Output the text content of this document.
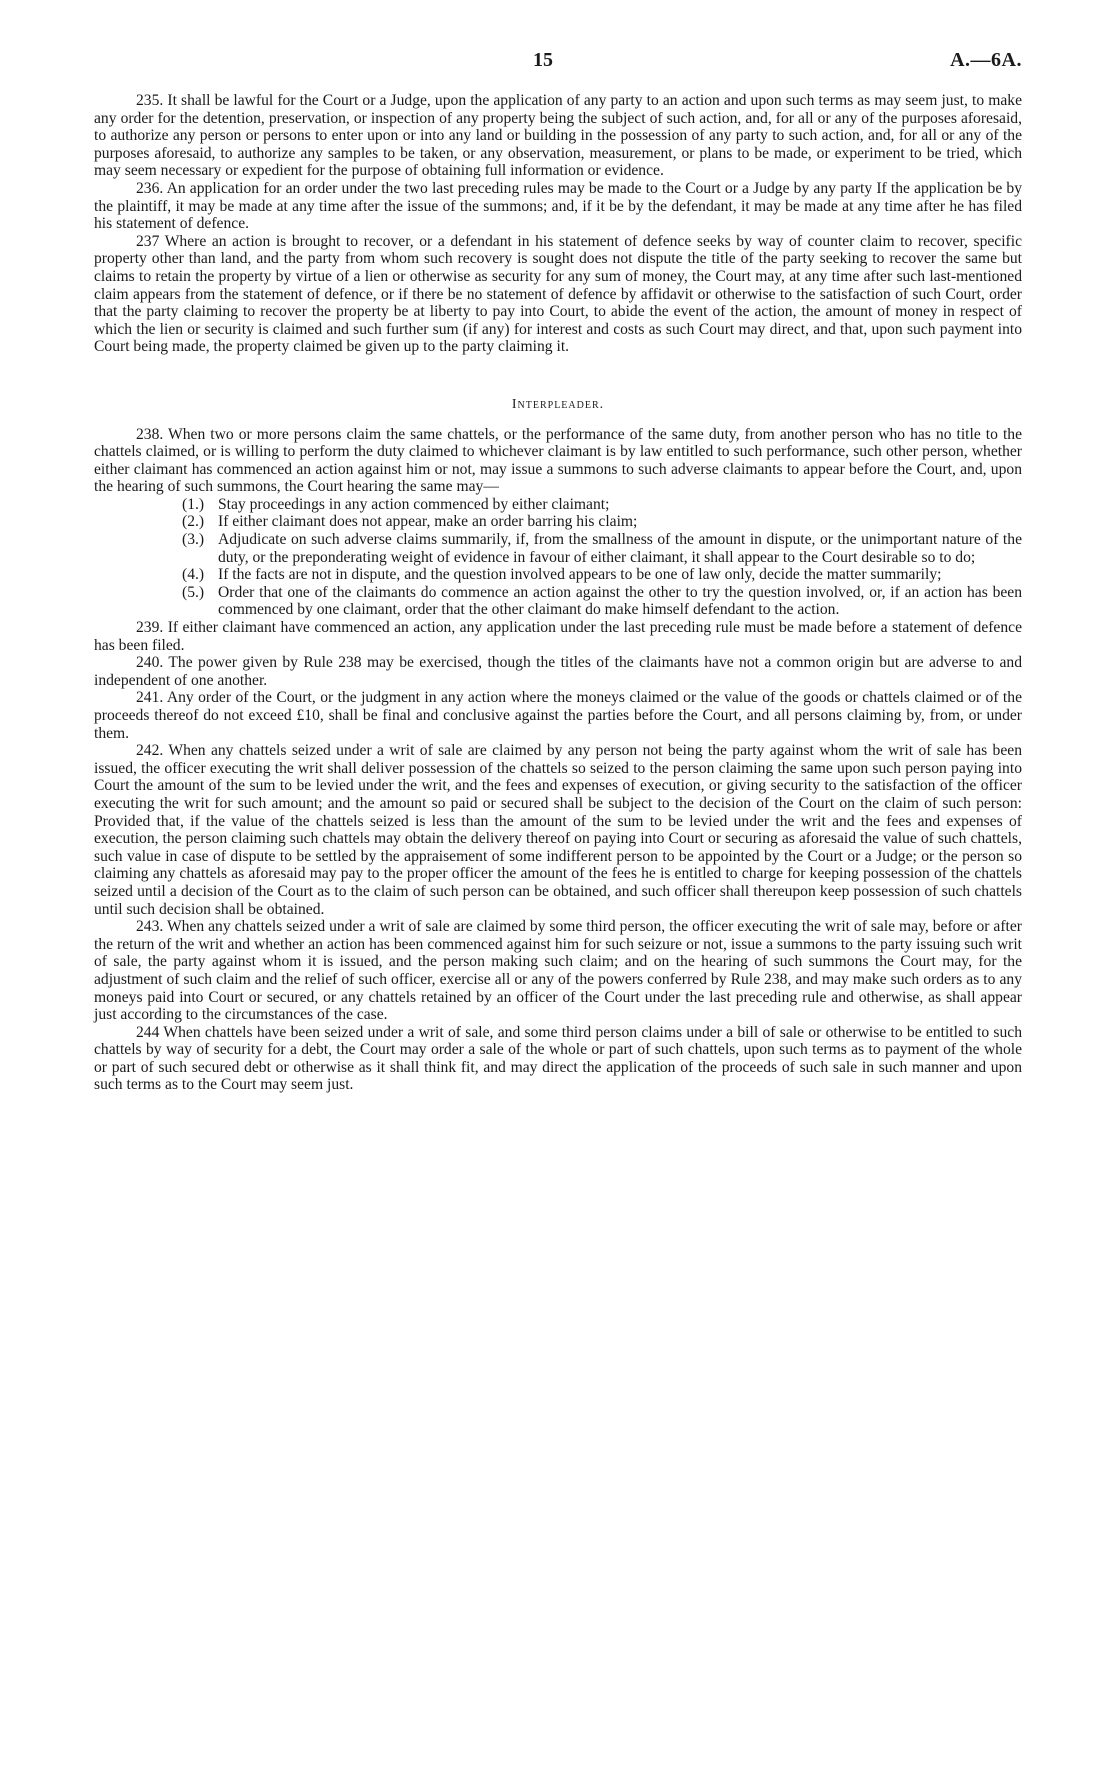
15	A.—6A.

235. It shall be lawful for the Court or a Judge, upon the application of any party to an action and upon such terms as may seem just, to make any order for the detention, preservation, or inspection of any property being the subject of such action, and, for all or any of the purposes aforesaid, to authorize any person or persons to enter upon or into any land or building in the possession of any party to such action, and, for all or any of the purposes aforesaid, to authorize any samples to be taken, or any observation, measurement, or plans to be made, or experiment to be tried, which may seem necessary or expedient for the purpose of obtaining full information or evidence.

236. An application for an order under the two last preceding rules may be made to the Court or a Judge by any party If the application be by the plaintiff, it may be made at any time after the issue of the summons; and, if it be by the defendant, it may be made at any time after he has filed his statement of defence.

237 Where an action is brought to recover, or a defendant in his statement of defence seeks by way of counter claim to recover, specific property other than land, and the party from whom such recovery is sought does not dispute the title of the party seeking to recover the same but claims to retain the property by virtue of a lien or otherwise as security for any sum of money, the Court may, at any time after such last-mentioned claim appears from the statement of defence, or if there be no statement of defence by affidavit or otherwise to the satisfaction of such Court, order that the party claiming to recover the property be at liberty to pay into Court, to abide the event of the action, the amount of money in respect of which the lien or security is claimed and such further sum (if any) for interest and costs as such Court may direct, and that, upon such payment into Court being made, the property claimed be given up to the party claiming it.

Interpleader.

238. When two or more persons claim the same chattels, or the performance of the same duty, from another person who has no title to the chattels claimed, or is willing to perform the duty claimed to whichever claimant is by law entitled to such performance, such other person, whether either claimant has commenced an action against him or not, may issue a summons to such adverse claimants to appear before the Court, and, upon the hearing of such summons, the Court hearing the same may—

(1.) Stay proceedings in any action commenced by either claimant;
(2.) If either claimant does not appear, make an order barring his claim;
(3.) Adjudicate on such adverse claims summarily, if, from the smallness of the amount in dispute, or the unimportant nature of the duty, or the preponderating weight of evidence in favour of either claimant, it shall appear to the Court desirable so to do;
(4.) If the facts are not in dispute, and the question involved appears to be one of law only, decide the matter summarily;
(5.) Order that one of the claimants do commence an action against the other to try the question involved, or, if an action has been commenced by one claimant, order that the other claimant do make himself defendant to the action.

239. If either claimant have commenced an action, any application under the last preceding rule must be made before a statement of defence has been filed.

240. The power given by Rule 238 may be exercised, though the titles of the claimants have not a common origin but are adverse to and independent of one another.

241. Any order of the Court, or the judgment in any action where the moneys claimed or the value of the goods or chattels claimed or of the proceeds thereof do not exceed £10, shall be final and conclusive against the parties before the Court, and all persons claiming by, from, or under them.

242. When any chattels seized under a writ of sale are claimed by any person not being the party against whom the writ of sale has been issued, the officer executing the writ shall deliver possession of the chattels so seized to the person claiming the same upon such person paying into Court the amount of the sum to be levied under the writ, and the fees and expenses of execution, or giving security to the satisfaction of the officer executing the writ for such amount; and the amount so paid or secured shall be subject to the decision of the Court on the claim of such person: Provided that, if the value of the chattels seized is less than the amount of the sum to be levied under the writ and the fees and expenses of execution, the person claiming such chattels may obtain the delivery thereof on paying into Court or securing as aforesaid the value of such chattels, such value in case of dispute to be settled by the appraisement of some indifferent person to be appointed by the Court or a Judge; or the person so claiming any chattels as aforesaid may pay to the proper officer the amount of the fees he is entitled to charge for keeping possession of the chattels seized until a decision of the Court as to the claim of such person can be obtained, and such officer shall thereupon keep possession of such chattels until such decision shall be obtained.

243. When any chattels seized under a writ of sale are claimed by some third person, the officer executing the writ of sale may, before or after the return of the writ and whether an action has been commenced against him for such seizure or not, issue a summons to the party issuing such writ of sale, the party against whom it is issued, and the person making such claim; and on the hearing of such summons the Court may, for the adjustment of such claim and the relief of such officer, exercise all or any of the powers conferred by Rule 238, and may make such orders as to any moneys paid into Court or secured, or any chattels retained by an officer of the Court under the last preceding rule and otherwise, as shall appear just according to the circumstances of the case.

244 When chattels have been seized under a writ of sale, and some third person claims under a bill of sale or otherwise to be entitled to such chattels by way of security for a debt, the Court may order a sale of the whole or part of such chattels, upon such terms as to payment of the whole or part of such secured debt or otherwise as it shall think fit, and may direct the application of the proceeds of such sale in such manner and upon such terms as to the Court may seem just.
